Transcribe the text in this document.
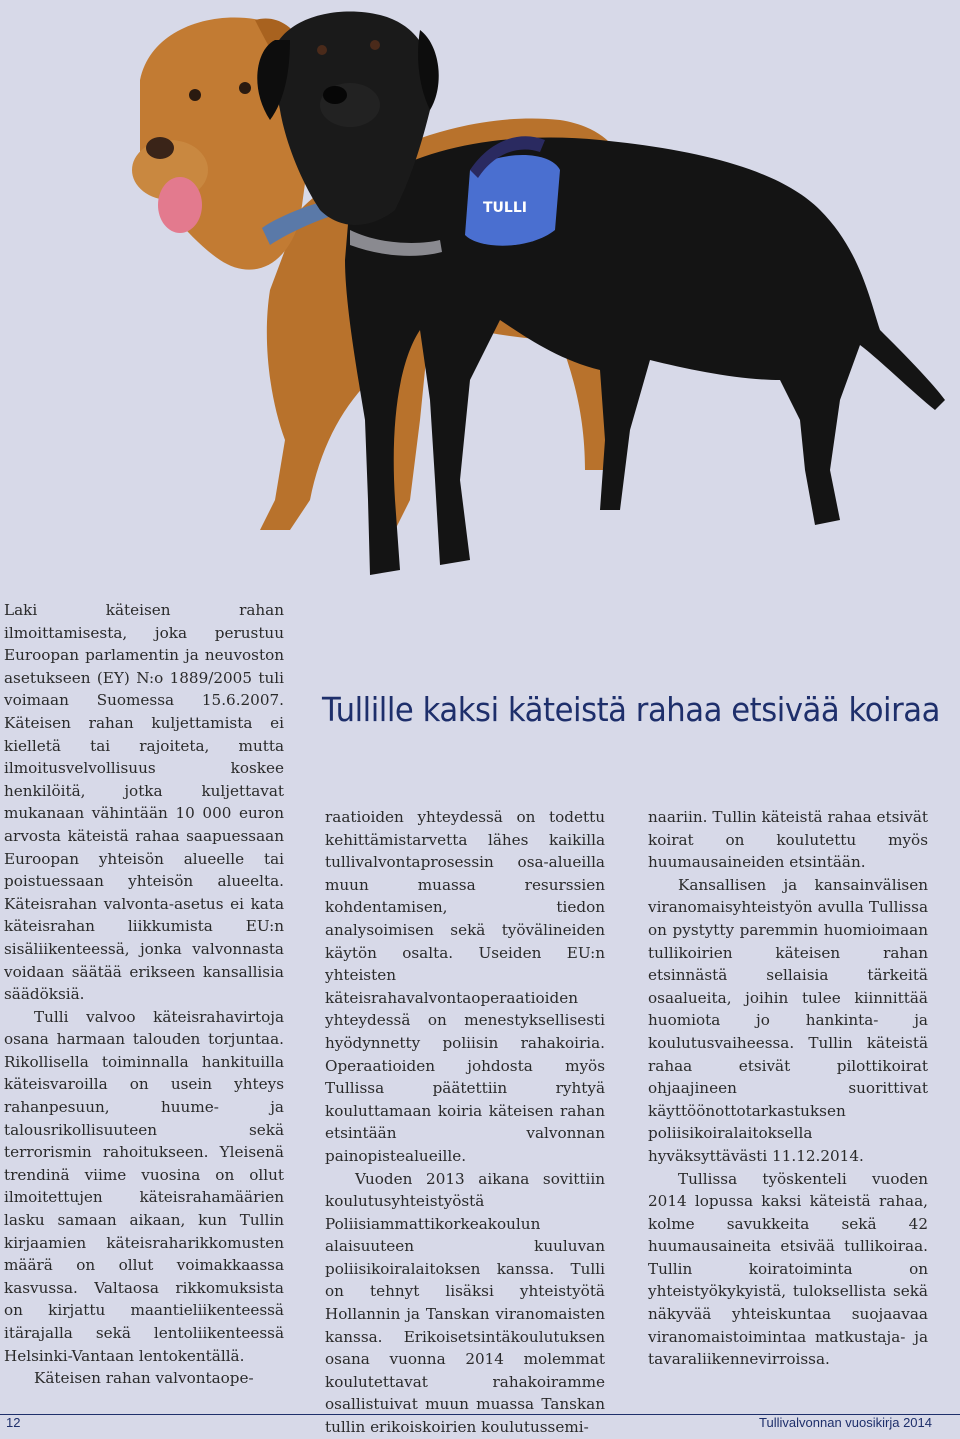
TULLI
Tullille kaksi käteistä rahaa etsivää koiraa

Laki käteisen rahan ilmoittamisesta, joka perustuu Euroopan parlamentin ja neuvoston asetukseen (EY) N:o 1889/2005 tuli voimaan Suomessa 15.6.2007. Käteisen rahan kuljettamista ei kielletä tai rajoiteta, mutta ilmoitusvelvollisuus koskee henkilöitä, jotka kuljettavat mukanaan vähintään 10 000 euron arvosta käteistä rahaa saapuessaan Euroopan yhteisön alueelle tai poistuessaan yhteisön alueelta. Käteisrahan valvonta-asetus ei kata käteisrahan liikkumista EU:n sisäliikenteessä, jonka valvonnasta voidaan säätää erikseen kansallisia säädöksiä.

Tulli valvoo käteisrahavirtoja osana harmaan talouden torjuntaa. Rikollisella toiminnalla hankituilla käteisvaroilla on usein yhteys rahanpesuun, huume- ja talousrikollisuuteen sekä terrorismin rahoitukseen. Yleisenä trendinä viime vuosina on ollut ilmoitettujen käteisrahamäärien lasku samaan aikaan, kun Tullin kirjaamien käteisraharikkomusten määrä on ollut voimakkaassa kasvussa. Valtaosa rikkomuksista on kirjattu maantieliikenteessä itärajalla sekä lentoliikenteessä Helsinki-Vantaan lentokentällä.

Käteisen rahan valvontaope-

raatioiden yhteydessä on todettu kehittämistarvetta lähes kaikilla tullivalvontaprosessin osa-alueilla muun muassa resurssien kohdentamisen, tiedon analysoimisen sekä työvälineiden käytön osalta. Useiden EU:n yhteisten käteisrahavalvontaoperaatioiden yhteydessä on menestyksellisesti hyödynnetty poliisin rahakoiria. Operaatioiden johdosta myös Tullissa päätettiin ryhtyä kouluttamaan koiria käteisen rahan etsintään valvonnan painopistealueille.

Vuoden 2013 aikana sovittiin koulutusyhteistyöstä Poliisiammattikorkeakoulun alaisuuteen kuuluvan poliisikoiralaitoksen kanssa. Tulli on tehnyt lisäksi yhteistyötä Hollannin ja Tanskan viranomaisten kanssa. Erikoisetsintäkoulutuksen osana vuonna 2014 molemmat koulutettavat rahakoiramme osallistuivat muun muassa Tanskan tullin erikoiskoirien koulutussemi-

naariin. Tullin käteistä rahaa etsivät koirat on koulutettu myös huumausaineiden etsintään.

Kansallisen ja kansainvälisen viranomaisyhteistyön avulla Tullissa on pystytty paremmin huomioimaan tullikoirien käteisen rahan etsinnästä sellaisia tärkeitä osaalueita, joihin tulee kiinnittää huomiota jo hankinta- ja koulutusvaiheessa. Tullin käteistä rahaa etsivät pilottikoirat ohjaajineen suorittivat käyttöönottotarkastuksen poliisikoiralaitoksella hyväksyttävästi 11.12.2014.

Tullissa työskenteli vuoden 2014 lopussa kaksi käteistä rahaa, kolme savukkeita sekä 42 huumausaineita etsivää tullikoiraa. Tullin koiratoiminta on yhteistyökykyistä, tuloksellista sekä näkyvää yhteiskuntaa suojaavaa viranomaistoimintaa matkustaja- ja tavaraliikennevirroissa.

12	Tullivalvonnan vuosikirja 2014
